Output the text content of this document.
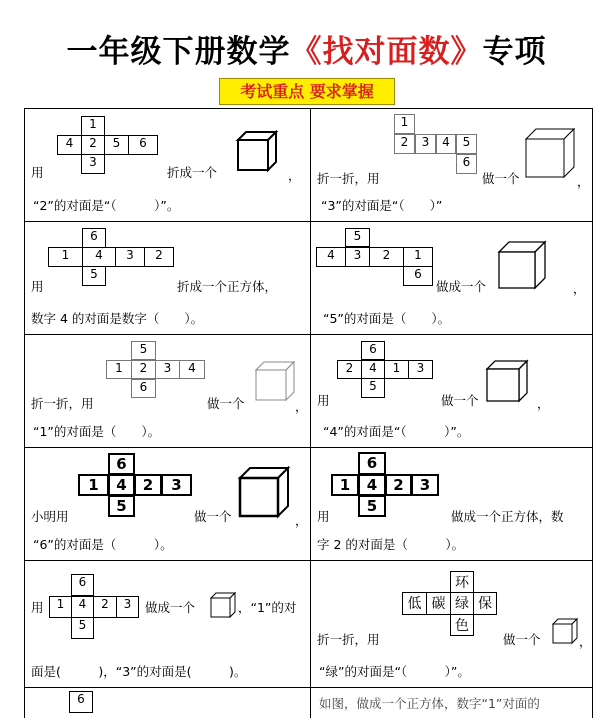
一年级下册数学《找对面数》专项
考试重点 要求掌握
1
4	2	5	6
3
用	折成一个	，
“2”的对面是“（　　　）”。
1
2	3	4	5
6
折一折，用	做一个	，
“3”的对面是“（　　）”
6
1	4	3	2
5
用	折成一个正方体，
数字 4 的对面是数字（　　）。
5
4	3	2	1
6
做成一个	，
“5”的对面是（　　）。
5
1	2	3	4
6
折一折，用	做一个	，
“1”的对面是（　　）。
6
2	4	1	3
5
用	做一个	，
“4”的对面是“（　　　）”。
6
1	4	2	3
5
小明用	做一个	，
“6”的对面是（　　　）。
6
1	4	2	3
5
用	做成一个正方体，数
字 2 的对面是（　　　）。
6
1	4	2	3
5
用	做成一个	，“1”的对
面是(　　　)，“3”的对面是(　　　)。
环
低 碳 绿 保
色
折一折，用	做一个	，
“绿”的对面是“（　　　）”。
6	如图，做成一个正方体，数字“1”对面的
